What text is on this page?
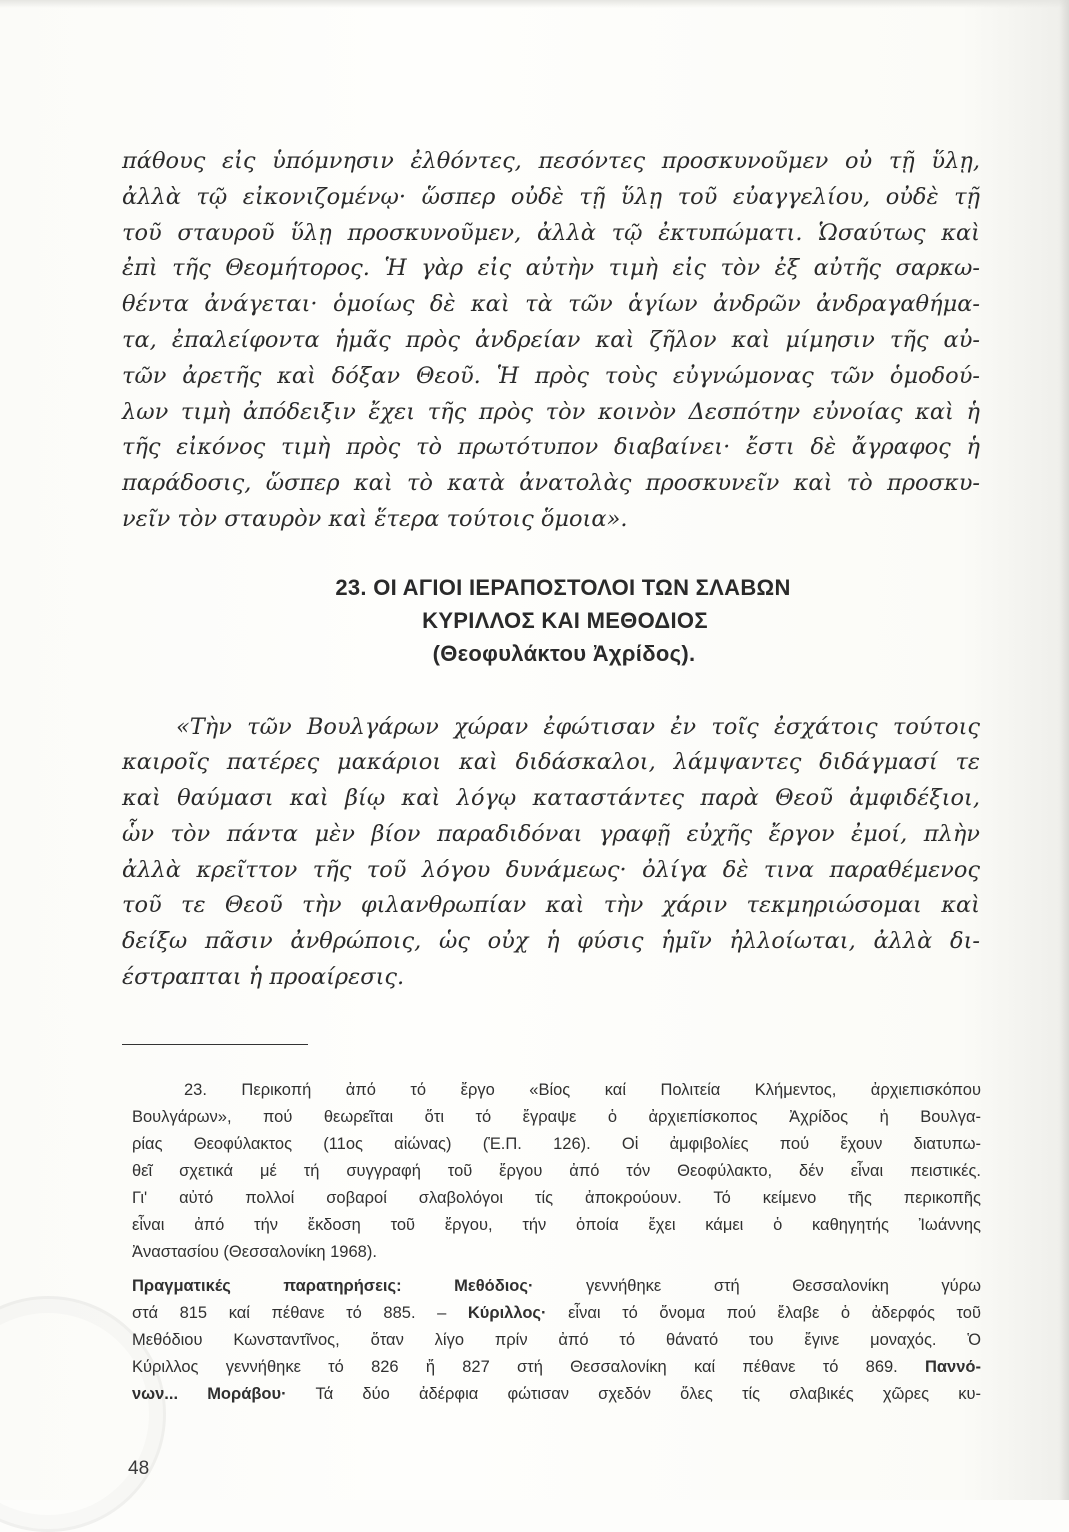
πάθους εἰς ὑπόμνησιν ἐλθόντες, πεσόντες προσκυνοῦμεν οὐ τῇ ὕλῃ,
ἀλλὰ τῷ εἰκονιζομένῳ· ὥσπερ οὐδὲ τῇ ὕλῃ τοῦ εὐαγγελίου, οὐδὲ τῇ
τοῦ σταυροῦ ὕλῃ προσκυνοῦμεν, ἀλλὰ τῷ ἐκτυπώματι. Ὡσαύτως καὶ
ἐπὶ τῆς Θεομήτορος. Ἡ γὰρ εἰς αὐτὴν τιμὴ εἰς τὸν ἐξ αὐτῆς σαρκω-
θέντα ἀνάγεται· ὁμοίως δὲ καὶ τὰ τῶν ἁγίων ἀνδρῶν ἀνδραγαθήμα-
τα, ἐπαλείφοντα ἡμᾶς πρὸς ἀνδρείαν καὶ ζῆλον καὶ μίμησιν τῆς αὐ-
τῶν ἀρετῆς καὶ δόξαν Θεοῦ. Ἡ πρὸς τοὺς εὐγνώμονας τῶν ὁμοδού-
λων τιμὴ ἀπόδειξιν ἔχει τῆς πρὸς τὸν κοινὸν Δεσπότην εὐνοίας καὶ ἡ
τῆς εἰκόνος τιμὴ πρὸς τὸ πρωτότυπον διαβαίνει· ἔστι δὲ ἄγραφος ἡ
παράδοσις, ὥσπερ καὶ τὸ κατὰ ἀνατολὰς προσκυνεῖν καὶ τὸ προσκυ-
νεῖν τὸν σταυρὸν καὶ ἕτερα τούτοις ὅμοια».
23. ΟΙ ΑΓΙΟΙ ΙΕΡΑΠΟΣΤΟΛΟΙ ΤΩΝ ΣΛΑΒΩΝ
ΚΥΡΙΛΛΟΣ ΚΑΙ ΜΕΘΟΔΙΟΣ
(Θεοφυλάκτου Ἀχρίδος).
«Τὴν τῶν Βουλγάρων χώραν ἐφώτισαν ἐν τοῖς ἐσχάτοις τούτοις
καιροῖς πατέρες μακάριοι καὶ διδάσκαλοι, λάμψαντες διδάγμασί τε
καὶ θαύμασι καὶ βίῳ καὶ λόγῳ καταστάντες παρὰ Θεοῦ ἀμφιδέξιοι,
ὧν τὸν πάντα μὲν βίον παραδιδόναι γραφῇ εὐχῆς ἔργον ἐμοί, πλὴν
ἀλλὰ κρεῖττον τῆς τοῦ λόγου δυνάμεως· ὀλίγα δὲ τινα παραθέμενος
τοῦ τε Θεοῦ τὴν φιλανθρωπίαν καὶ τὴν χάριν τεκμηριώσομαι καὶ
δείξω πᾶσιν ἀνθρώποις, ὡς οὐχ ἡ φύσις ἡμῖν ἠλλοίωται, ἀλλὰ δι-
έστραπται ἡ προαίρεσις.
23. Περικοπή ἀπό τό ἔργο «Βίος καί Πολιτεία Κλήμεντος, ἀρχιεπισκόπου
Βουλγάρων», πού θεωρεῖται ὅτι τό ἔγραψε ὁ ἀρχιεπίσκοπος Ἀχρίδος ἡ Βουλγα-
ρίας Θεοφύλακτος (11ος αἰώνας) (Ἑ.Π. 126). Οἱ ἀμφιβολίες πού ἔχουν διατυπω-
θεῖ σχετικά μέ τή συγγραφή τοῦ ἔργου ἀπό τόν Θεοφύλακτο, δέν εἶναι πειστικές.
Γι' αὐτό πολλοί σοβαροί σλαβολόγοι τίς ἀποκρούουν. Τό κείμενο τῆς περικοπῆς
εἶναι ἀπό τήν ἔκδοση τοῦ ἔργου, τήν ὁποία ἔχει κάμει ὁ καθηγητής Ἰωάννης
Ἀναστασίου (Θεσσαλονίκη 1968).
Πραγματικές παρατηρήσεις: Μεθόδιος· γεννήθηκε στή Θεσσαλονίκη γύρω
στά 815 καί πέθανε τό 885. – Κύριλλος· εἶναι τό ὄνομα πού ἔλαβε ὁ ἀδερφός τοῦ
Μεθόδιου Κωνσταντῖνος, ὅταν λίγο πρίν ἀπό τό θάνατό του ἔγινε μοναχός. Ὁ
Κύριλλος γεννήθηκε τό 826 ἤ 827 στή Θεσσαλονίκη καί πέθανε τό 869. Παννό-
νων... Μοράβου· Τά δύο ἀδέρφια φώτισαν σχεδόν ὅλες τίς σλαβικές χῶρες κυ-
48
